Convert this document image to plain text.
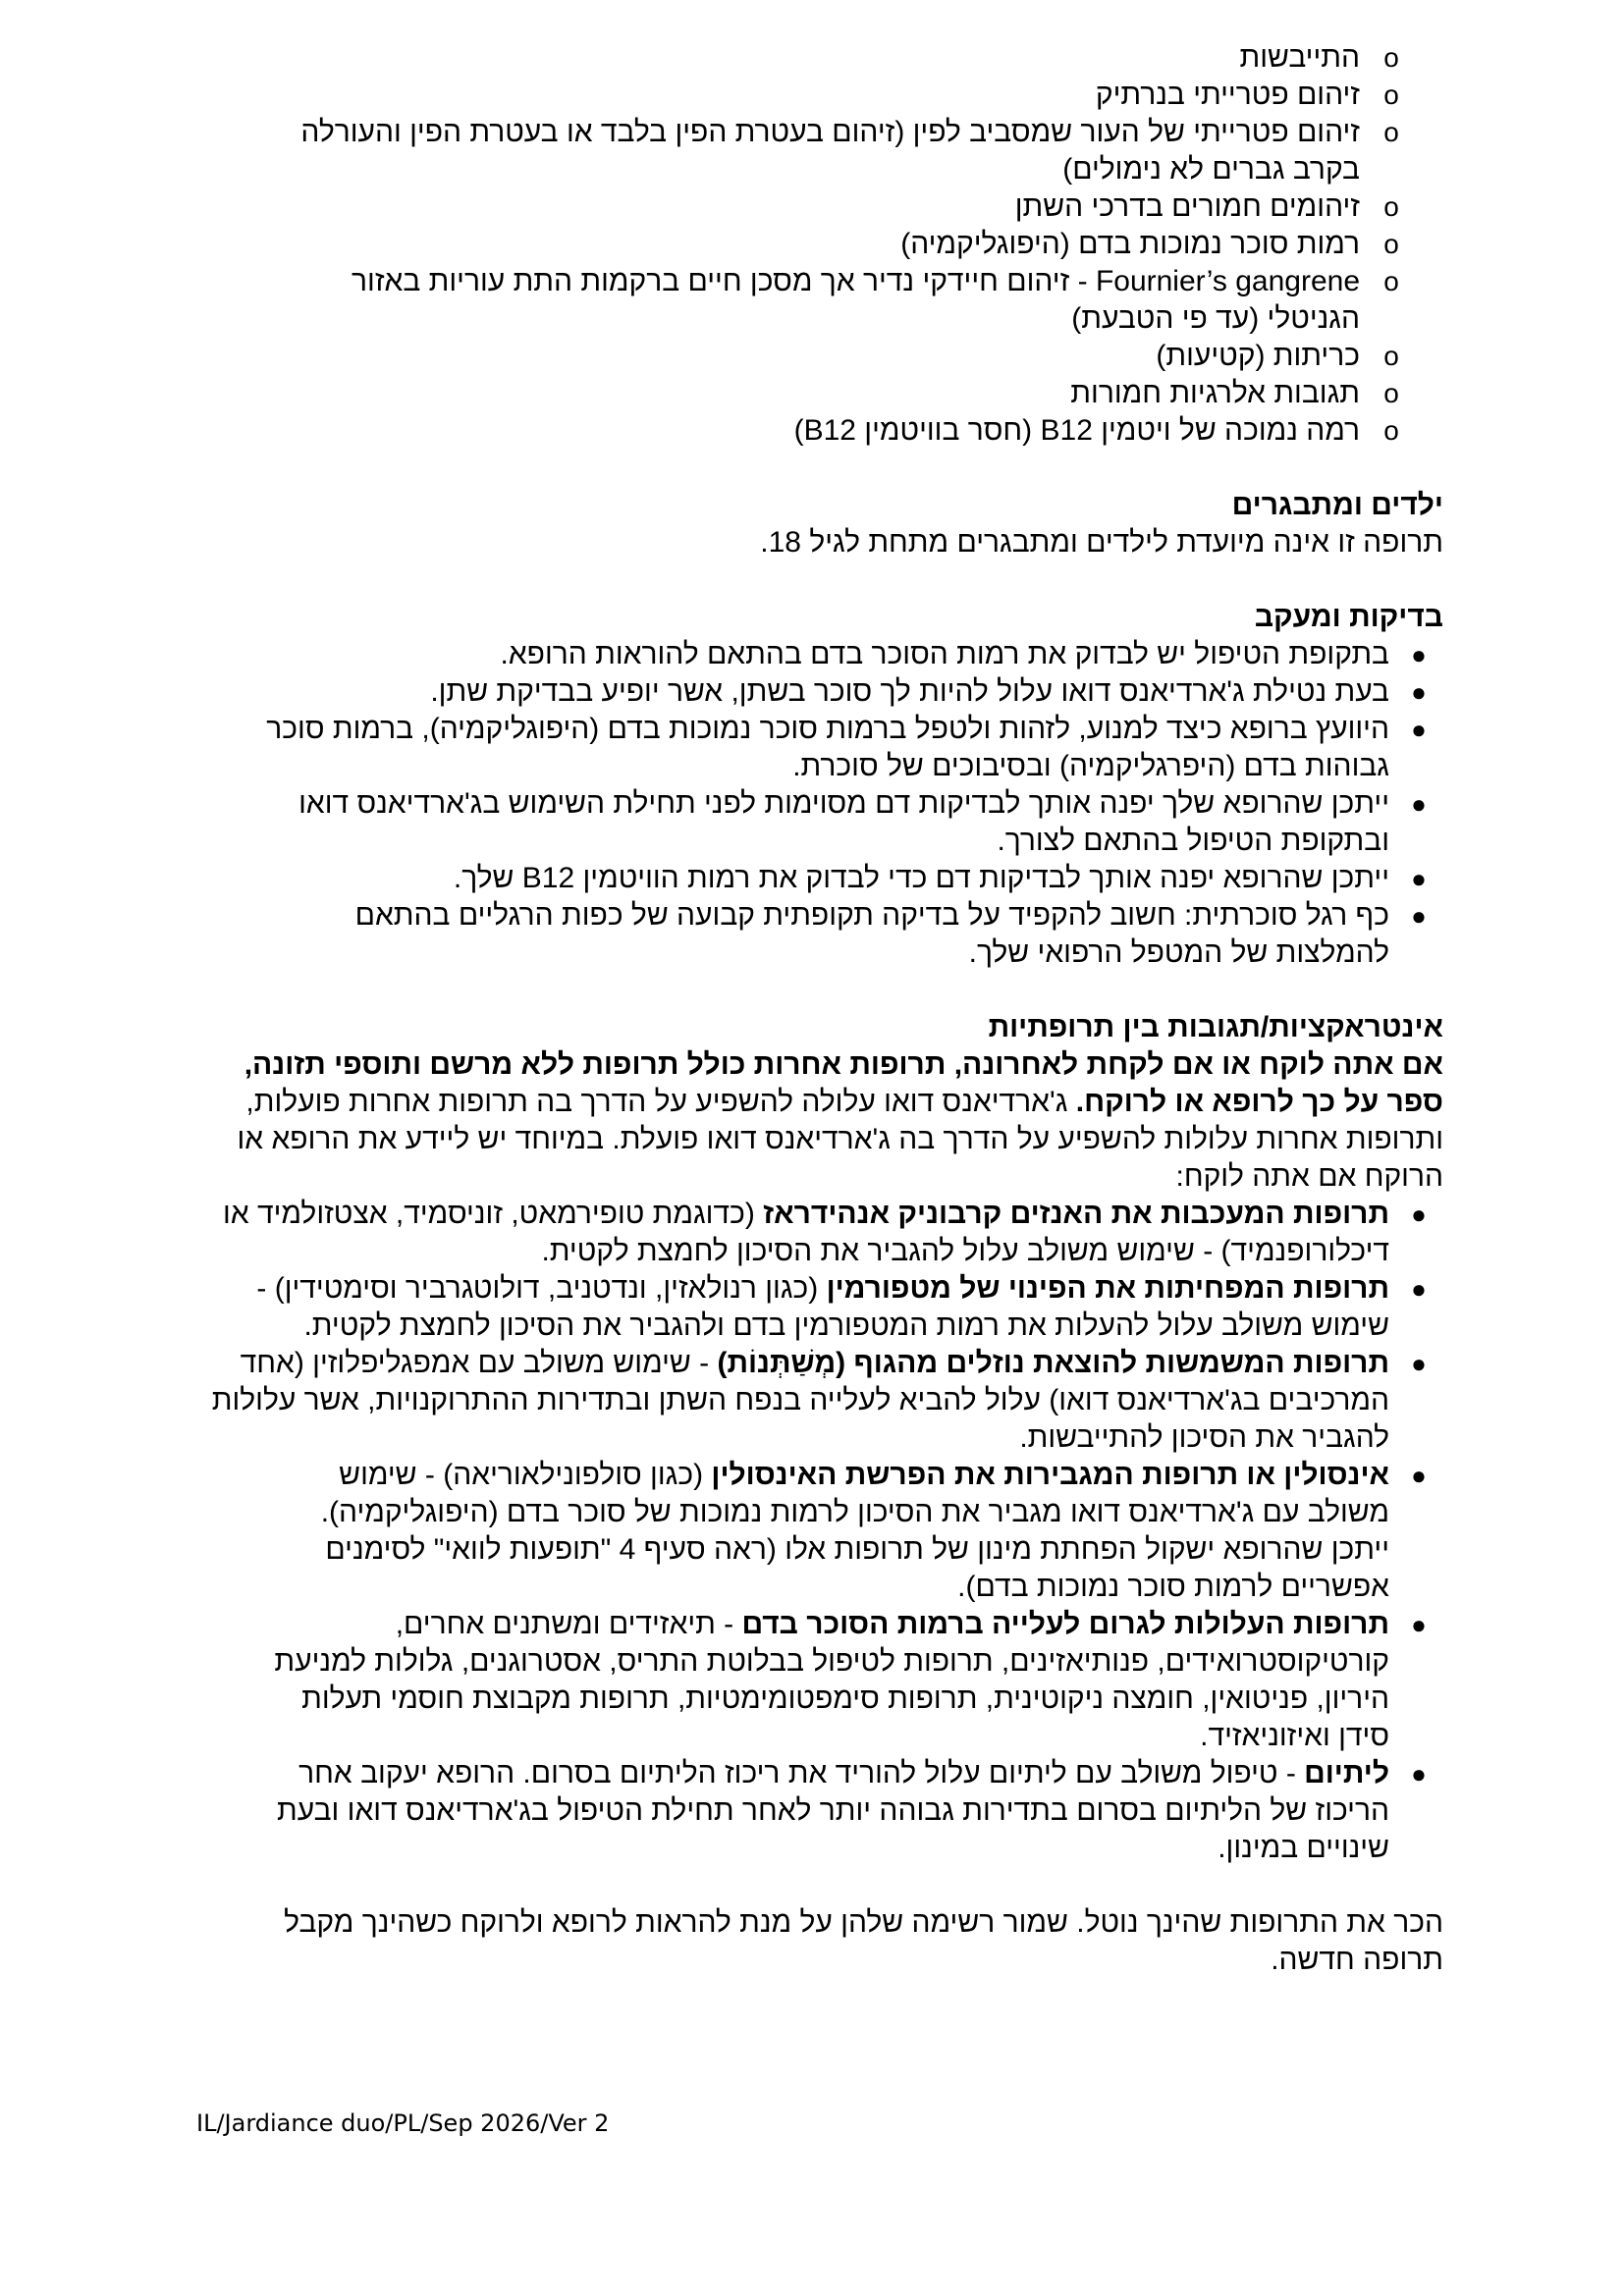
o
התייבשות
o
זיהום פטרייתי בנרתיק
o
זיהום פטרייתי של העור שמסביב לפין (זיהום בעטרת הפין בלבד או בעטרת הפין והעורלה בקרב גברים לא נימולים)
o
זיהומים חמורים בדרכי השתן
o
רמות סוכר נמוכות בדם (היפוגליקמיה)
o
Fournier’s gangrene - זיהום חיידקי נדיר אך מסכן חיים ברקמות התת עוריות באזור הגניטלי (עד פי הטבעת)
o
כריתות (קטיעות)
o
תגובות אלרגיות חמורות
o
רמה נמוכה של ויטמין B12 (חסר בוויטמין B12)

ילדים ומתבגרים

תרופה זו אינה מיועדת לילדים ומתבגרים מתחת לגיל 18.

בדיקות ומעקב

●
בתקופת הטיפול יש לבדוק את רמות הסוכר בדם בהתאם להוראות הרופא.
●
בעת נטילת ג'ארדיאנס דואו עלול להיות לך סוכר בשתן, אשר יופיע בבדיקת שתן.
●
היוועץ ברופא כיצד למנוע, לזהות ולטפל ברמות סוכר נמוכות בדם (היפוגליקמיה), ברמות סוכר גבוהות בדם (היפרגליקמיה) ובסיבוכים של סוכרת.
●
ייתכן שהרופא שלך יפנה אותך לבדיקות דם מסוימות לפני תחילת השימוש בג'ארדיאנס דואו ובתקופת הטיפול בהתאם לצורך.
●
ייתכן שהרופא יפנה אותך לבדיקות דם כדי לבדוק את רמות הוויטמין B12 שלך.
●
כף רגל סוכרתית: חשוב להקפיד על בדיקה תקופתית קבועה של כפות הרגליים בהתאם להמלצות של המטפל הרפואי שלך.

אינטראקציות/תגובות בין תרופתיות

אם אתה לוקח או אם לקחת לאחרונה, תרופות אחרות כולל תרופות ללא מרשם ותוספי תזונה, ספר על כך לרופא או לרוקח. ג'ארדיאנס דואו עלולה להשפיע על הדרך בה תרופות אחרות פועלות, ותרופות אחרות עלולות להשפיע על הדרך בה ג'ארדיאנס דואו פועלת. במיוחד יש ליידע את הרופא או הרוקח אם אתה לוקח:

●
תרופות המעכבות את האנזים קרבוניק אנהידראז (כדוגמת טופירמאט, זוניסמיד, אצטזולמיד או דיכלורופנמיד) - שימוש משולב עלול להגביר את הסיכון לחמצת לקטית.
●
תרופות המפחיתות את הפינוי של מטפורמין (כגון רנולאזין, ונדטניב, דולוטגרביר וסימטידין) - שימוש משולב עלול להעלות את רמות המטפורמין בדם ולהגביר את הסיכון לחמצת לקטית.
●
תרופות המשמשות להוצאת נוזלים מהגוף (מְשַׁתְּנוֹת) - שימוש משולב עם אמפגליפלוזין (אחד המרכיבים בג'ארדיאנס דואו) עלול להביא לעלייה בנפח השתן ובתדירות ההתרוקנויות, אשר עלולות להגביר את הסיכון להתייבשות.
●
אינסולין או תרופות המגבירות את הפרשת האינסולין (כגון סולפונילאוריאה) - שימוש משולב עם ג'ארדיאנס דואו מגביר את הסיכון לרמות נמוכות של סוכר בדם (היפוגליקמיה). ייתכן שהרופא ישקול הפחתת מינון של תרופות אלו (ראה סעיף 4 "תופעות לוואי" לסימנים אפשריים לרמות סוכר נמוכות בדם).
●
תרופות העלולות לגרום לעלייה ברמות הסוכר בדם - תיאזידים ומשתנים אחרים, קורטיקוסטרואידים, פנותיאזינים, תרופות לטיפול בבלוטת התריס, אסטרוגנים, גלולות למניעת היריון, פניטואין, חומצה ניקוטינית, תרופות סימפטומימטיות, תרופות מקבוצת חוסמי תעלות סידן ואיזוניאזיד.
●
ליתיום - טיפול משולב עם ליתיום עלול להוריד את ריכוז הליתיום בסרום. הרופא יעקוב אחר הריכוז של הליתיום בסרום בתדירות גבוהה יותר לאחר תחילת הטיפול בג'ארדיאנס דואו ובעת שינויים במינון.

הכר את התרופות שהינך נוטל. שמור רשימה שלהן על מנת להראות לרופא ולרוקח כשהינך מקבל תרופה חדשה.

IL/Jardiance duo/PL/Sep 2026/Ver 2
